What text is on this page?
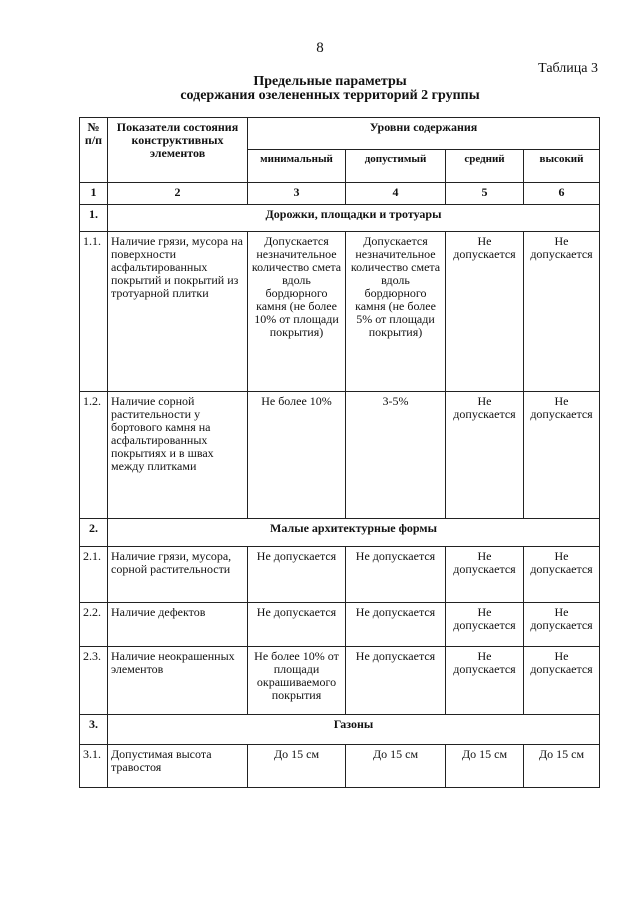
8
Таблица 3
Предельные параметры
содержания озелененных территорий 2 группы
№ п/п	Показатели состояния конструктивных элементов	Уровни содержания			
		минимальный	допустимый	средний	высокий
1	2	3	4	5	6
1.	Дорожки, площадки и тротуары				
1.1.	Наличие грязи, мусора на поверхности асфальтированных покрытий и покрытий из тротуарной плитки	Допускается незначительное количество смета вдоль бордюрного камня (не более 10% от площади покрытия)	Допускается незначительное количество смета вдоль бордюрного камня (не более 5% от площади покрытия)	Не допускается	Не допускается
1.2.	Наличие сорной растительности у бортового камня на асфальтированных покрытиях и в швах между плитками	Не более 10%	3-5%	Не допускается	Не допускается
2.	Малые архитектурные формы				
2.1.	Наличие грязи, мусора, сорной растительности	Не допускается	Не допускается	Не допускается	Не допускается
2.2.	Наличие дефектов	Не допускается	Не допускается	Не допускается	Не допускается
2.3.	Наличие неокрашенных элементов	Не более 10% от площади окрашиваемого покрытия	Не допускается	Не допускается	Не допускается
3.	Газоны				
3.1.	Допустимая высота травостоя	До 15 см	До 15 см	До 15 см	До 15 см
